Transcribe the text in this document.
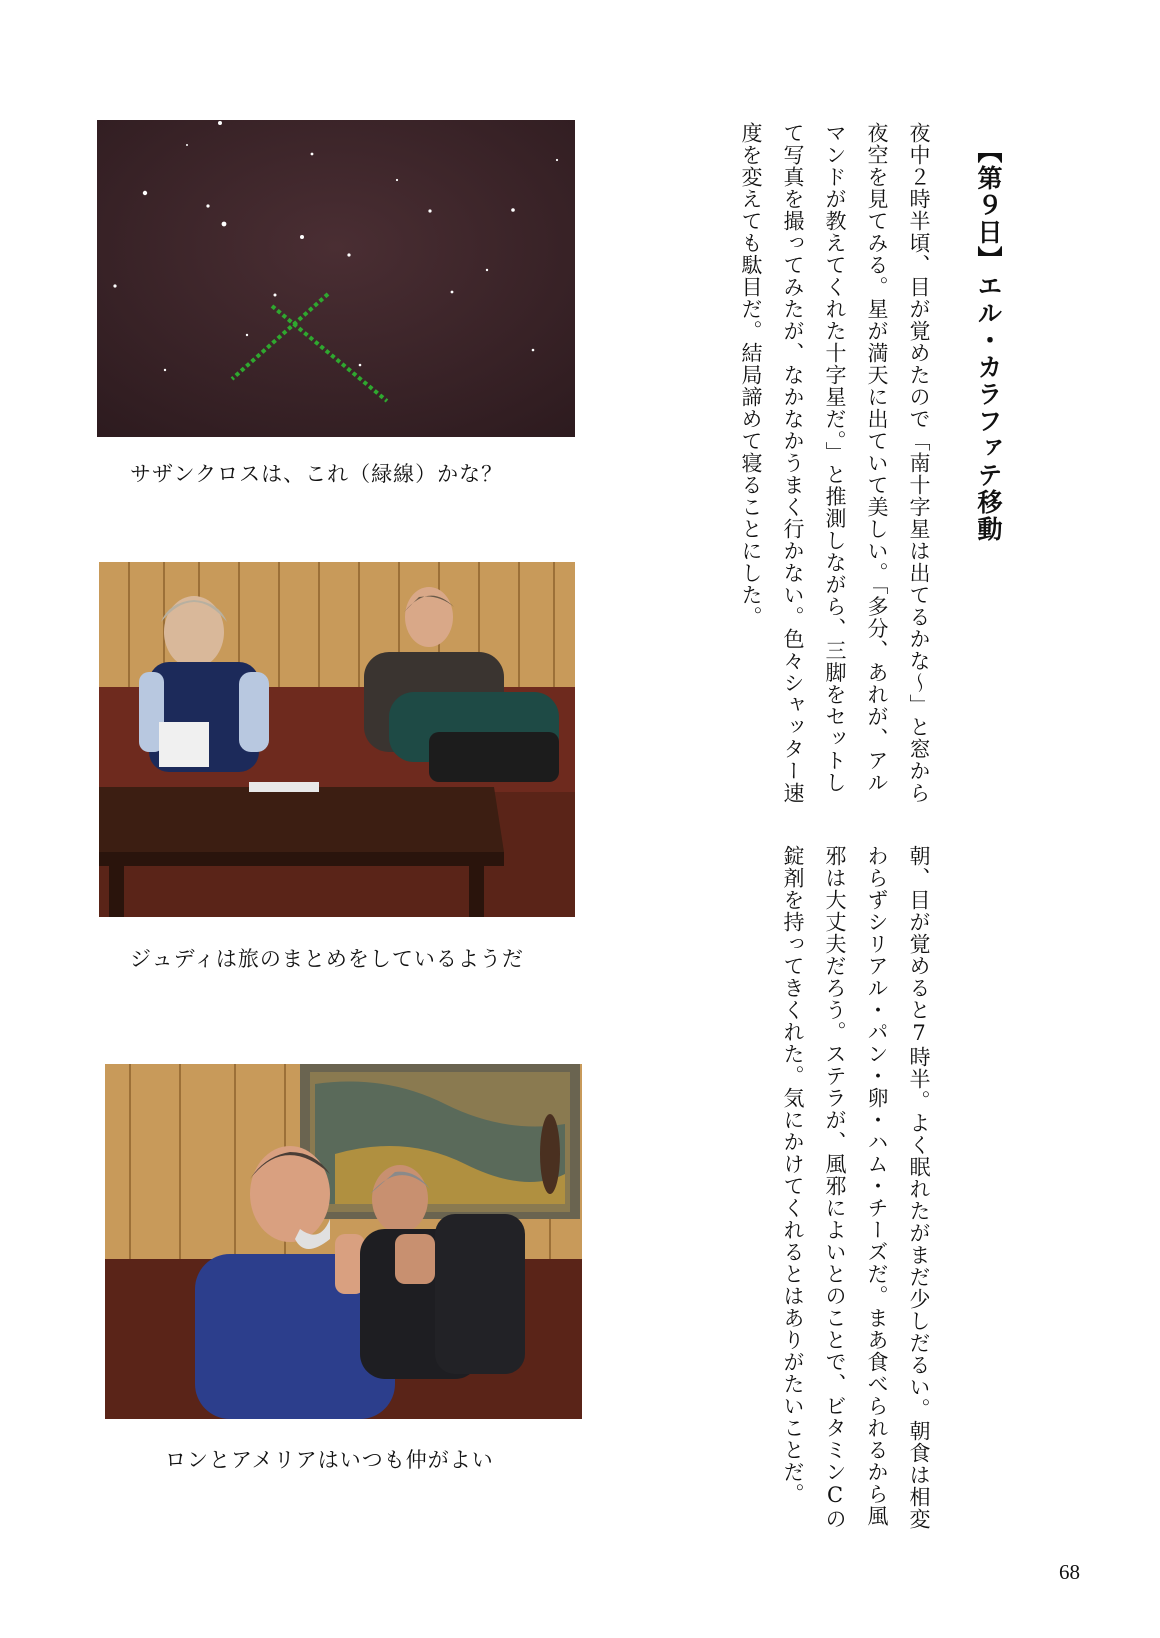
サザンクロスは、これ（緑線）かな？
ジュディは旅のまとめをしているようだ
ロンとアメリアはいつも仲がよい
【第９日】エル・カラファテ移動
夜中２時半頃、目が覚めたので「南十字星は出てるかな〜」と窓から夜空を見てみる。星が満天に出ていて美しい。「多分、あれが、アルマンドが教えてくれた十字星だ。」と推測しながら、三脚をセットして写真を撮ってみたが、なかなかうまく行かない。色々シャッター速度を変えても駄目だ。結局諦めて寝ることにした。
朝、目が覚めると7時半。よく眠れたがまだ少しだるい。朝食は相変わらずシリアル・パン・卵・ハム・チーズだ。まあ食べられるから風邪は大丈夫だろう。ステラが、風邪によいとのことで、ビタミンCの錠剤を持ってきくれた。気にかけてくれるとはありがたいことだ。
68
